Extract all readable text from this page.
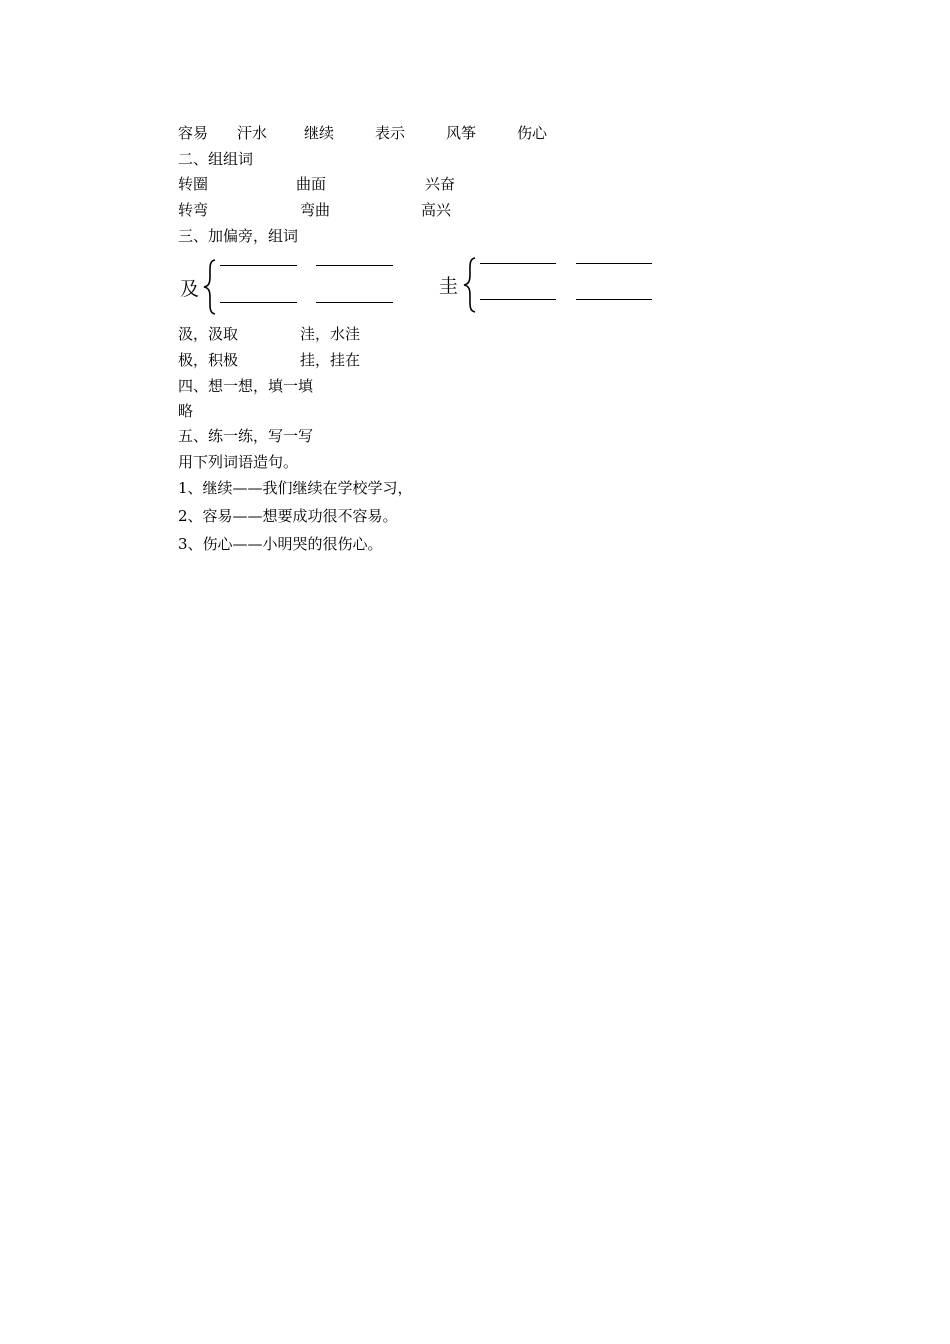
容易 汗水 继续	表示	风筝	伤心
二、组组词
转圈	曲面	兴奋
转弯	弯曲	高兴
三、加偏旁，组词
及	圭
汲，汲取	洼，水洼
极，积极	挂，挂在
四、想一想，填一填
略
五、练一练，写一写
用下列词语造句。
1、继续——我们继续在学校学习，
2、容易——想要成功很不容易。
3、伤心——小明哭的很伤心。
